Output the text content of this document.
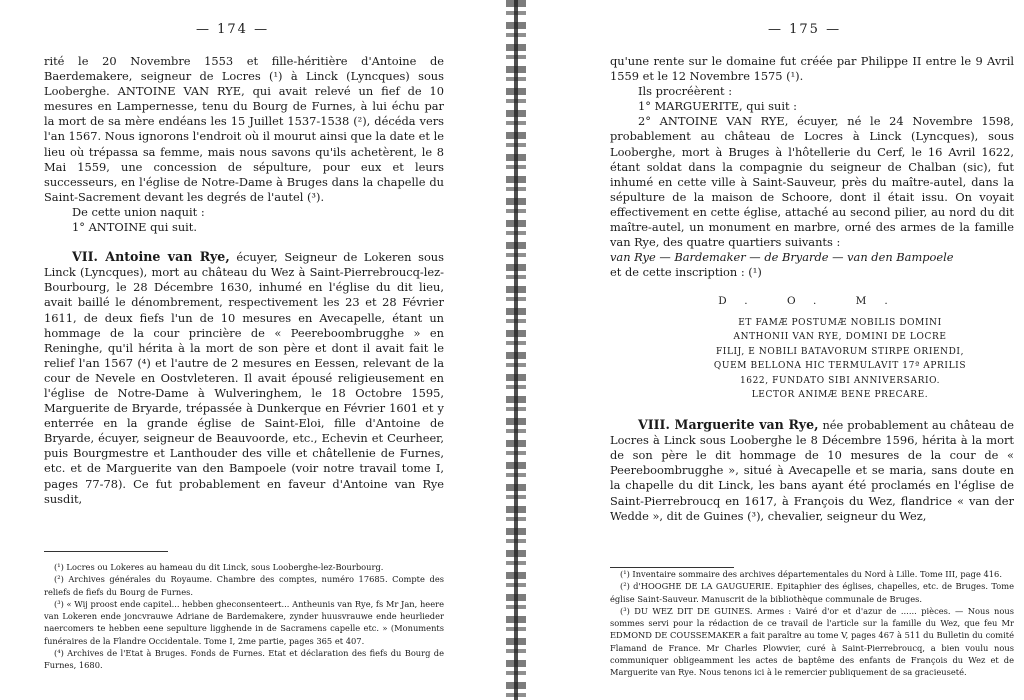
— 174 —

rité le 20 Novembre 1553 et fille-héritière d'Antoine de Baerdemakere, seigneur de Locres (¹) à Linck (Lyncques) sous Looberghe. ANTOINE VAN RYE, qui avait relevé un fief de 10 mesures en Lampernesse, tenu du Bourg de Furnes, à lui échu par la mort de sa mère endéans les 15 Juillet 1537-1538 (²), décéda vers l'an 1567. Nous ignorons l'endroit où il mourut ainsi que la date et le lieu où trépassa sa femme, mais nous savons qu'ils achetèrent, le 8 Mai 1559, une concession de sépulture, pour eux et leurs successeurs, en l'église de Notre-Dame à Bruges dans la chapelle du Saint-Sacrement devant les degrés de l'autel (³).

De cette union naquit :

1° ANTOINE qui suit.

VII. Antoine van Rye, écuyer, Seigneur de Lokeren sous Linck (Lyncques), mort au château du Wez à Saint-Pierrebroucq-lez-Bourbourg, le 28 Décembre 1630, inhumé en l'église du dit lieu, avait baillé le dénombrement, respectivement les 23 et 28 Février 1611, de deux fiefs l'un de 10 mesures en Avecapelle, étant un hommage de la cour princière de « Peereboombrugghe » en Reninghe, qu'il hérita à la mort de son père et dont il avait fait le relief l'an 1567 (⁴) et l'autre de 2 mesures en Eessen, relevant de la cour de Nevele en Oostvleteren. Il avait épousé religieusement en l'église de Notre-Dame à Wulveringhem, le 18 Octobre 1595, Marguerite de Bryarde, trépassée à Dunkerque en Février 1601 et y enterrée en la grande église de Saint-Eloi, fille d'Antoine de Bryarde, écuyer, seigneur de Beauvoorde, etc., Echevin et Ceurheer, puis Bourgmestre et Lanthouder des ville et châtellenie de Furnes, etc. et de Marguerite van den Bampoele (voir notre travail tome I, pages 77-78). Ce fut probablement en faveur d'Antoine van Rye susdit,

(¹) Locres ou Lokeres au hameau du dit Linck, sous Looberghe-lez-Bourbourg.

(²) Archives générales du Royaume. Chambre des comptes, numéro 17685. Compte des reliefs de fiefs du Bourg de Furnes.

(³) « Wij proost ende capitel... hebben gheconsenteert... Antheunis van Rye, fs Mr Jan, heere van Lokeren ende joncvrauwe Adriane de Bardemakere, zynder huusvrauwe ende heurlieder naercomers te hebben eene sepulture ligghende in de Sacramens capelle etc. » (Monuments funéraires de la Flandre Occidentale. Tome I, 2me partie, pages 365 et 407.

(⁴) Archives de l'Etat à Bruges. Fonds de Furnes. Etat et déclaration des fiefs du Bourg de Furnes, 1680.

— 175 —

qu'une rente sur le domaine fut créée par Philippe II entre le 9 Avril 1559 et le 12 Novembre 1575 (¹).

Ils procréèrent :

1° MARGUERITE, qui suit :

2° ANTOINE VAN RYE, écuyer, né le 24 Novembre 1598, probablement au château de Locres à Linck (Lyncques), sous Looberghe, mort à Bruges à l'hôtellerie du Cerf, le 16 Avril 1622, étant soldat dans la compagnie du seigneur de Chalban (sic), fut inhumé en cette ville à Saint-Sauveur, près du maître-autel, dans la sépulture de la maison de Schoore, dont il était issu. On voyait effectivement en cette église, attaché au second pilier, au nord du dit maître-autel, un monument en marbre, orné des armes de la famille van Rye, des quatre quartiers suivants :

van Rye — Bardemaker — de Bryarde — van den Bampoele

et de cette inscription : (¹)

D. O. M.

ET FAMÆ POSTUMÆ NOBILIS DOMINI

ANTHONII VAN RYE, DOMINI DE LOCRE

FILIJ, E NOBILI BATAVORUM STIRPE ORIENDI,

QUEM BELLONA HIC TERMULAVIT 17ª APRILIS

1622, FUNDATO SIBI ANNIVERSARIO.

LECTOR ANIMÆ BENE PRECARE.

VIII. Marguerite van Rye, née probablement au château de Locres à Linck sous Looberghe le 8 Décembre 1596, hérita à la mort de son père le dit hommage de 10 mesures de la cour de « Peereboombrugghe », situé à Avecapelle et se maria, sans doute en la chapelle du dit Linck, les bans ayant été proclamés en l'église de Saint-Pierrebroucq en 1617, à François du Wez, flandrice « van der Wedde », dit de Guines (³), chevalier, seigneur du Wez,

(¹) Inventaire sommaire des archives départementales du Nord à Lille. Tome III, page 416.

(²) d'HOOGHE DE LA GAUGUERIE. Epitaphier des églises, chapelles, etc. de Bruges. Tome église Saint-Sauveur. Manuscrit de la bibliothèque communale de Bruges.

(³) DU WEZ DIT DE GUINES. Armes : Vairé d'or et d'azur de ...... pièces. — Nous nous sommes servi pour la rédaction de ce travail de l'article sur la famille du Wez, que feu Mr EDMOND DE COUSSEMAKER a fait paraître au tome V, pages 467 à 511 du Bulletin du comité Flamand de France. Mr Charles Plowvier, curé à Saint-Pierrebroucq, a bien voulu nous communiquer obligeamment les actes de baptême des enfants de François du Wez et de Marguerite van Rye. Nous tenons ici à le remercier publiquement de sa gracieuseté.
